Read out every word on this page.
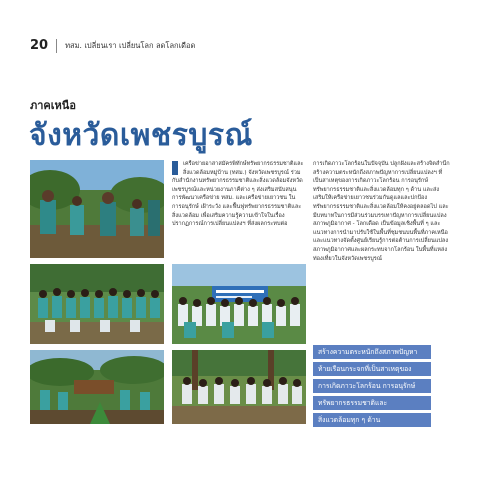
20 ทสม. เปลี่ยนเรา เปลี่ยนโลก ลดโลกเดือด
ภาคเหนือ
จังหวัดเพชรบูรณ์

เครือข่ายอาสาสมัครพิทักษ์ทรัพยากรธรรมชาติและสิ่งแวดล้อมหมู่บ้าน (ทสม.) จังหวัดเพชรบูรณ์ ร่วมกับสำนักงานทรัพยากรธรรมชาติและสิ่งแวดล้อมจังหวัดเพชรบูรณ์และหน่วยงานภาคีต่าง ๆ ส่งเสริมสนับสนุนการพัฒนาเครือข่าย ทสม. และเครือข่ายเยาวชน ในการอนุรักษ์ เฝ้าระวัง และฟื้นฟูทรัพยากรธรรมชาติและสิ่งแวดล้อม เพื่อเสริมความรู้ความเข้าใจในเรื่องปรากฏการณ์การเปลี่ยนแปลงฯ ที่ส่งผลกระทบต่อ

การเกิดภาวะโลกร้อนในปัจจุบัน ปลูกฝังและสร้างจิตสำนึก สร้างความตระหนักถึงสภาพปัญหาการเปลี่ยนแปลงฯ ที่เป็นสาเหตุของการเกิดภาวะโลกร้อน การอนุรักษ์ทรัพยากรธรรมชาติและสิ่งแวดล้อมทุก ๆ ด้าน และส่งเสริมให้เครือข่ายเยาวชนร่วมกันดูแลและปกป้องทรัพยากรธรรมชาติและสิ่งแวดล้อมให้คงอยู่ตลอดไป และมีบทบาทในการมีส่วนร่วมบรรเทาปัญหาการเปลี่ยนแปลงสภาพภูมิอากาศ - โลกเดือด เป็นข้อมูลเชิงพื้นที่ ๆ และแนวทางการนำมาปรับใช้ในพื้นที่ชุมชนบนพื้นที่ภาคเหนือ และแนวทางจัดตั้งศูนย์เรียนรู้การต่อต้านการเปลี่ยนแปลงสภาพภูมิอากาศและผลกระทบจากโลกร้อน ในพื้นที่แหล่งท่องเที่ยวในจังหวัดเพชรบูรณ์

สร้างความตระหนักถึงสภาพปัญหา
ท้ายเรือนกระจกที่เป็นสาเหตุของ
การเกิดภาวะโลกร้อน การอนุรักษ์
ทรัพยากรธรรมชาติและ
สิ่งแวดล้อมทุก ๆ ด้าน
